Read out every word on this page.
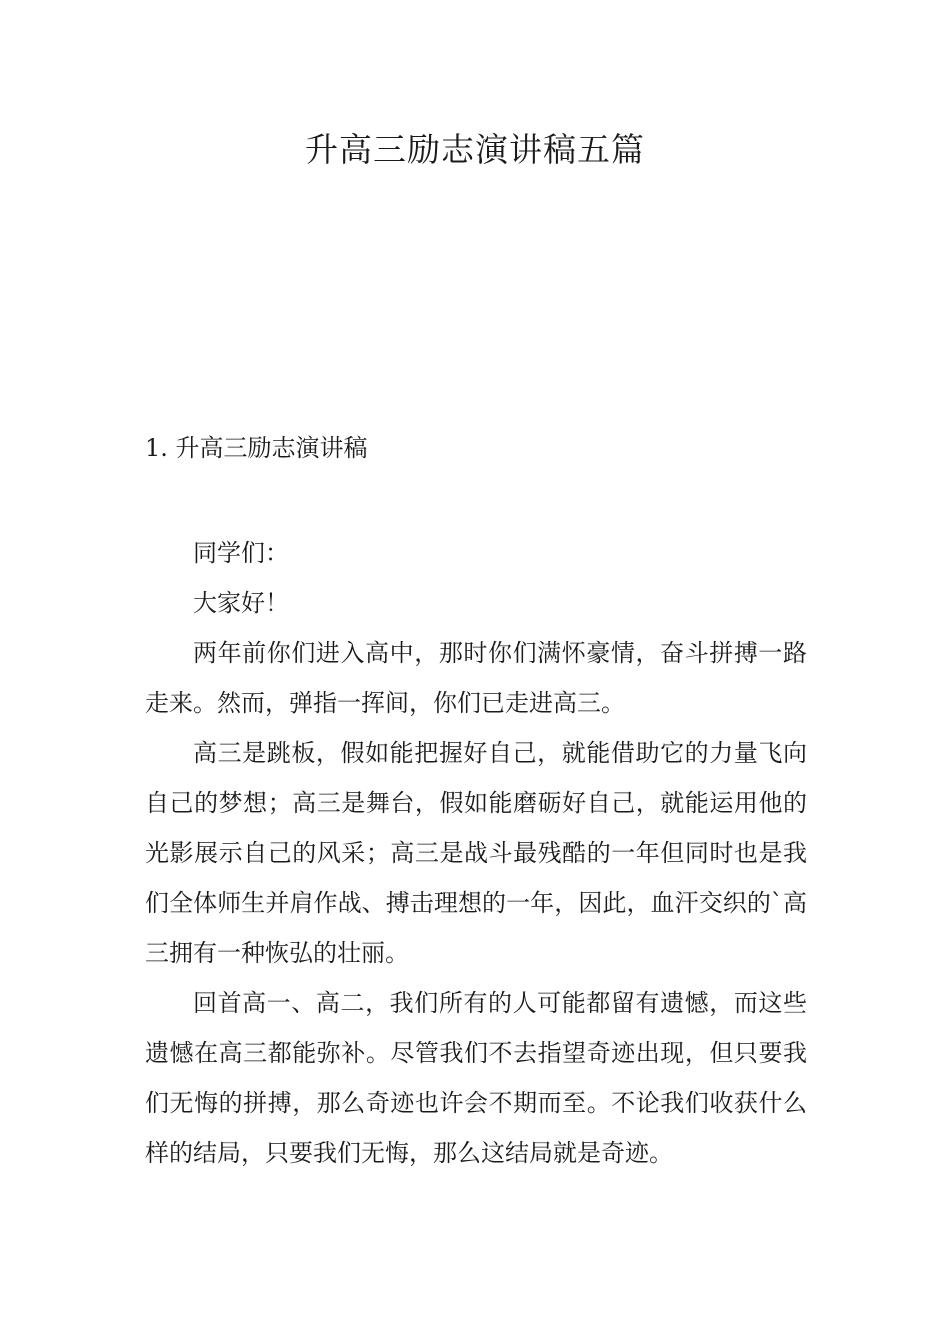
升高三励志演讲稿五篇
1. 升高三励志演讲稿

同学们：

大家好！

两年前你们进入高中，那时你们满怀豪情，奋斗拼搏一路走来。然而，弹指一挥间，你们已走进高三。

高三是跳板，假如能把握好自己，就能借助它的力量飞向自己的梦想；高三是舞台，假如能磨砺好自己，就能运用他的光影展示自己的风采；高三是战斗最残酷的一年但同时也是我们全体师生并肩作战、搏击理想的一年，因此，血汗交织的`高三拥有一种恢弘的壮丽。

回首高一、高二，我们所有的人可能都留有遗憾，而这些遗憾在高三都能弥补。尽管我们不去指望奇迹出现，但只要我们无悔的拼搏，那么奇迹也许会不期而至。不论我们收获什么样的结局，只要我们无悔，那么这结局就是奇迹。
